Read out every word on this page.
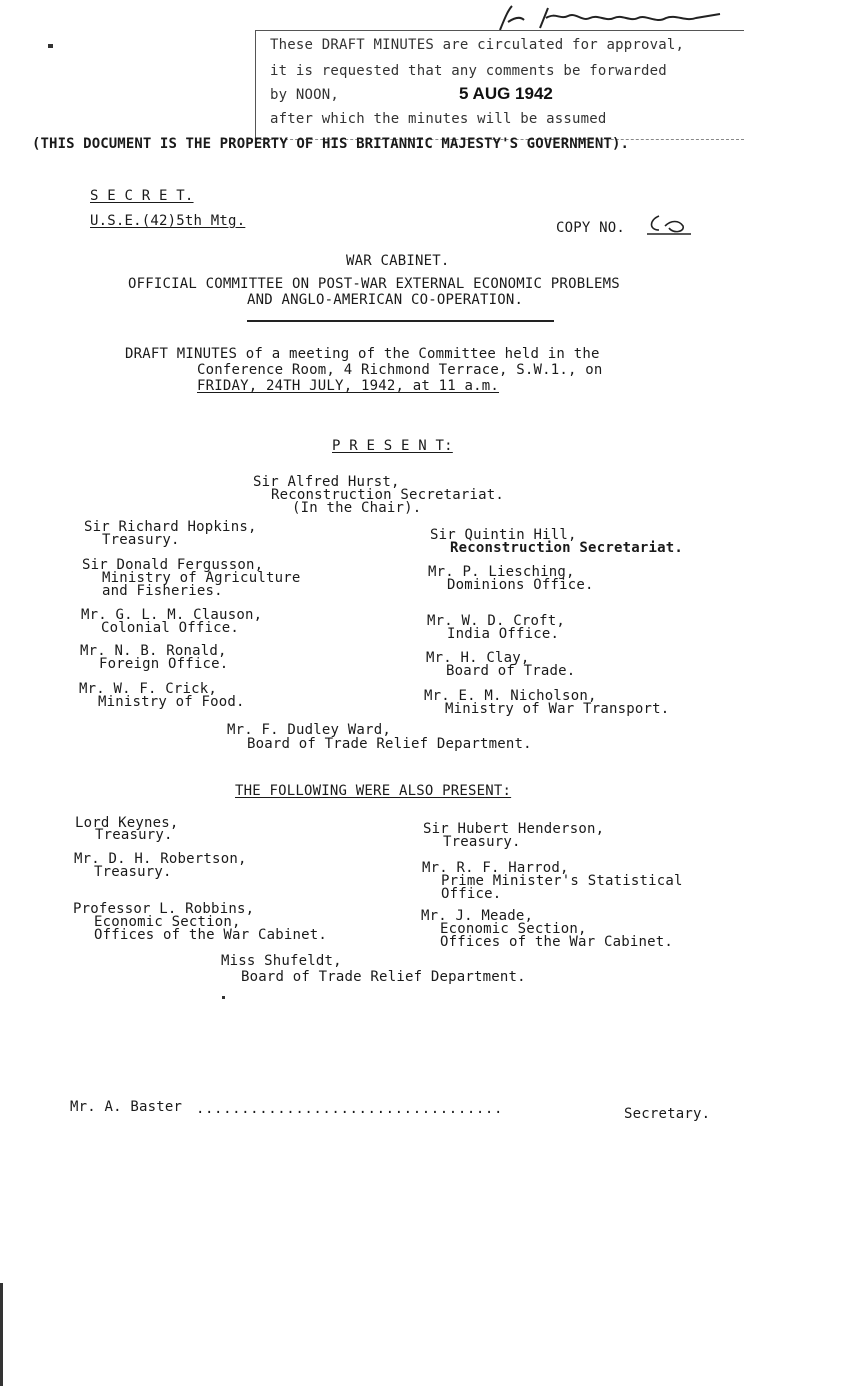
These DRAFT MINUTES are circulated for approval,
it is requested that any comments be forwarded
by NOON,	5 AUG 1942
after which the minutes will be assumed
(THIS DOCUMENT IS THE PROPERTY OF HIS BRITANNIC MAJESTY'S GOVERNMENT).
S E C R E T.
U.S.E.(42)5th Mtg.	COPY NO.
WAR CABINET.
OFFICIAL COMMITTEE ON POST-WAR EXTERNAL ECONOMIC PROBLEMS
AND ANGLO-AMERICAN CO-OPERATION.
DRAFT MINUTES of a meeting of the Committee held in the
Conference Room, 4 Richmond Terrace, S.W.1., on
FRIDAY, 24TH JULY, 1942, at 11 a.m.
P R E S E N T:
Sir Alfred Hurst,
Reconstruction Secretariat.
(In the Chair).
Sir Richard Hopkins,
Treasury.
Sir Donald Fergusson,
Ministry of Agriculture
and Fisheries.
Mr. G. L. M. Clauson,
Colonial Office.
Mr. N. B. Ronald,
Foreign Office.
Mr. W. F. Crick,
Ministry of Food.
Sir Quintin Hill,
Reconstruction Secretariat.
Mr. P. Liesching,
Dominions Office.
Mr. W. D. Croft,
India Office.
Mr. H. Clay,
Board of Trade.
Mr. E. M. Nicholson,
Ministry of War Transport.
Mr. F. Dudley Ward,
Board of Trade Relief Department.
THE FOLLOWING WERE ALSO PRESENT:
Lord Keynes,
Treasury.
Mr. D. H. Robertson,
Treasury.
Professor L. Robbins,
Economic Section,
Offices of the War Cabinet.
Sir Hubert Henderson,
Treasury.
Mr. R. F. Harrod,
Prime Minister's Statistical
Office.
Mr. J. Meade,
Economic Section,
Offices of the War Cabinet.
Miss Shufeldt,
Board of Trade Relief Department.
Mr. A. Baster ..................................	Secretary.
